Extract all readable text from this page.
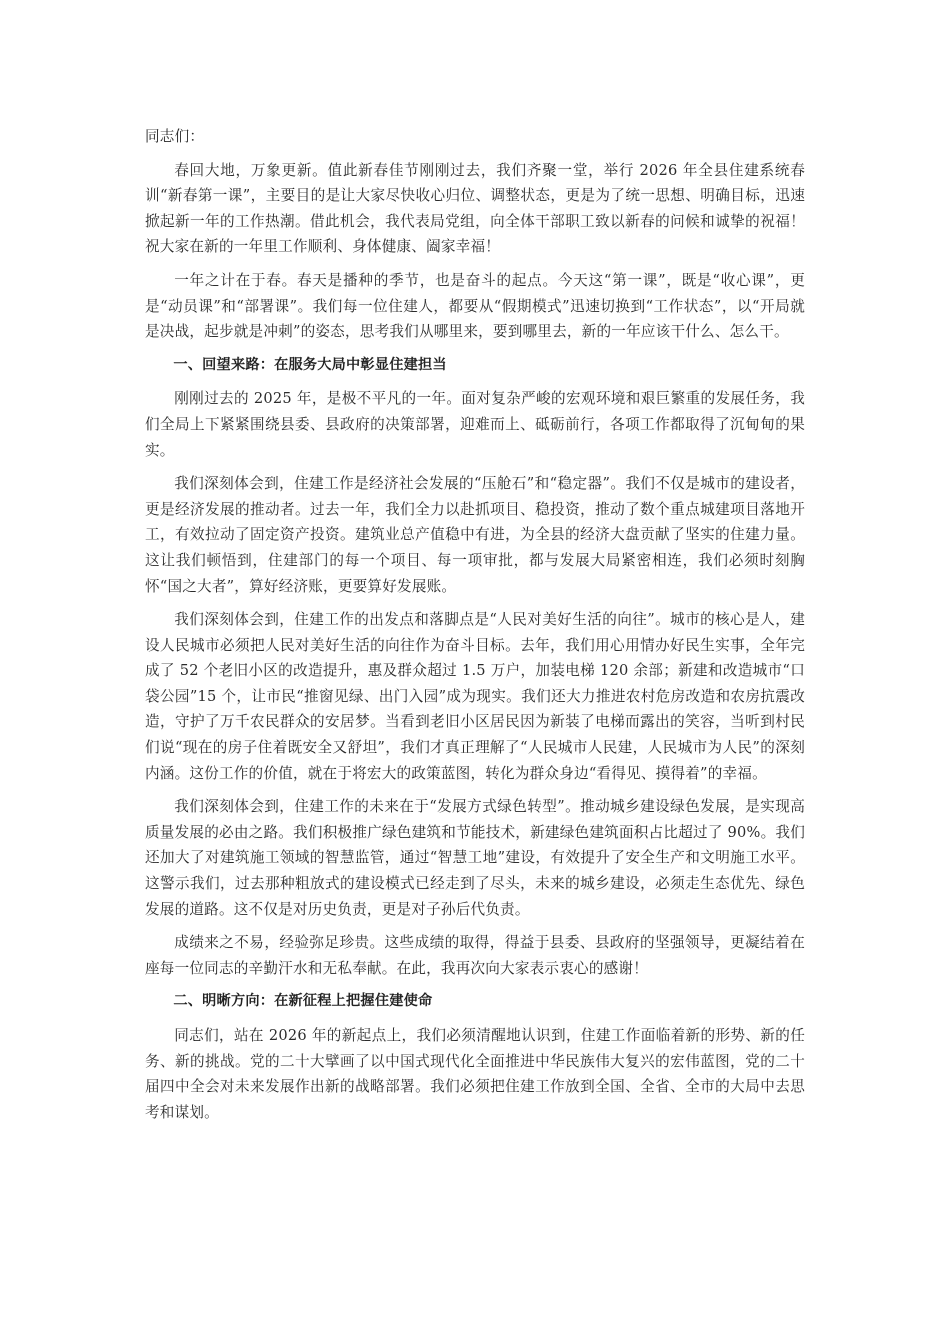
同志们：

春回大地，万象更新。值此新春佳节刚刚过去，我们齐聚一堂，举行 2026 年全县住建系统春训“新春第一课”，主要目的是让大家尽快收心归位、调整状态，更是为了统一思想、明确目标，迅速掀起新一年的工作热潮。借此机会，我代表局党组，向全体干部职工致以新春的问候和诚挚的祝福！祝大家在新的一年里工作顺利、身体健康、阖家幸福！

一年之计在于春。春天是播种的季节，也是奋斗的起点。今天这“第一课”，既是“收心课”，更是“动员课”和“部署课”。我们每一位住建人，都要从“假期模式”迅速切换到“工作状态”，以“开局就是决战，起步就是冲刺”的姿态，思考我们从哪里来，要到哪里去，新的一年应该干什么、怎么干。

一、回望来路：在服务大局中彰显住建担当

刚刚过去的 2025 年，是极不平凡的一年。面对复杂严峻的宏观环境和艰巨繁重的发展任务，我们全局上下紧紧围绕县委、县政府的决策部署，迎难而上、砥砺前行，各项工作都取得了沉甸甸的果实。

我们深刻体会到，住建工作是经济社会发展的“压舱石”和“稳定器”。我们不仅是城市的建设者，更是经济发展的推动者。过去一年，我们全力以赴抓项目、稳投资，推动了数个重点城建项目落地开工，有效拉动了固定资产投资。建筑业总产值稳中有进，为全县的经济大盘贡献了坚实的住建力量。这让我们顿悟到，住建部门的每一个项目、每一项审批，都与发展大局紧密相连，我们必须时刻胸怀“国之大者”，算好经济账，更要算好发展账。

我们深刻体会到，住建工作的出发点和落脚点是“人民对美好生活的向往”。城市的核心是人，建设人民城市必须把人民对美好生活的向往作为奋斗目标。去年，我们用心用情办好民生实事，全年完成了 52 个老旧小区的改造提升，惠及群众超过 1.5 万户，加装电梯 120 余部；新建和改造城市“口袋公园”15 个，让市民“推窗见绿、出门入园”成为现实。我们还大力推进农村危房改造和农房抗震改造，守护了万千农民群众的安居梦。当看到老旧小区居民因为新装了电梯而露出的笑容，当听到村民们说“现在的房子住着既安全又舒坦”，我们才真正理解了“人民城市人民建，人民城市为人民”的深刻内涵。这份工作的价值，就在于将宏大的政策蓝图，转化为群众身边“看得见、摸得着”的幸福。

我们深刻体会到，住建工作的未来在于“发展方式绿色转型”。推动城乡建设绿色发展，是实现高质量发展的必由之路。我们积极推广绿色建筑和节能技术，新建绿色建筑面积占比超过了 90%。我们还加大了对建筑施工领域的智慧监管，通过“智慧工地”建设，有效提升了安全生产和文明施工水平。这警示我们，过去那种粗放式的建设模式已经走到了尽头，未来的城乡建设，必须走生态优先、绿色发展的道路。这不仅是对历史负责，更是对子孙后代负责。

成绩来之不易，经验弥足珍贵。这些成绩的取得，得益于县委、县政府的坚强领导，更凝结着在座每一位同志的辛勤汗水和无私奉献。在此，我再次向大家表示衷心的感谢！

二、明晰方向：在新征程上把握住建使命

同志们，站在 2026 年的新起点上，我们必须清醒地认识到，住建工作面临着新的形势、新的任务、新的挑战。党的二十大擘画了以中国式现代化全面推进中华民族伟大复兴的宏伟蓝图，党的二十届四中全会对未来发展作出新的战略部署。我们必须把住建工作放到全国、全省、全市的大局中去思考和谋划。
